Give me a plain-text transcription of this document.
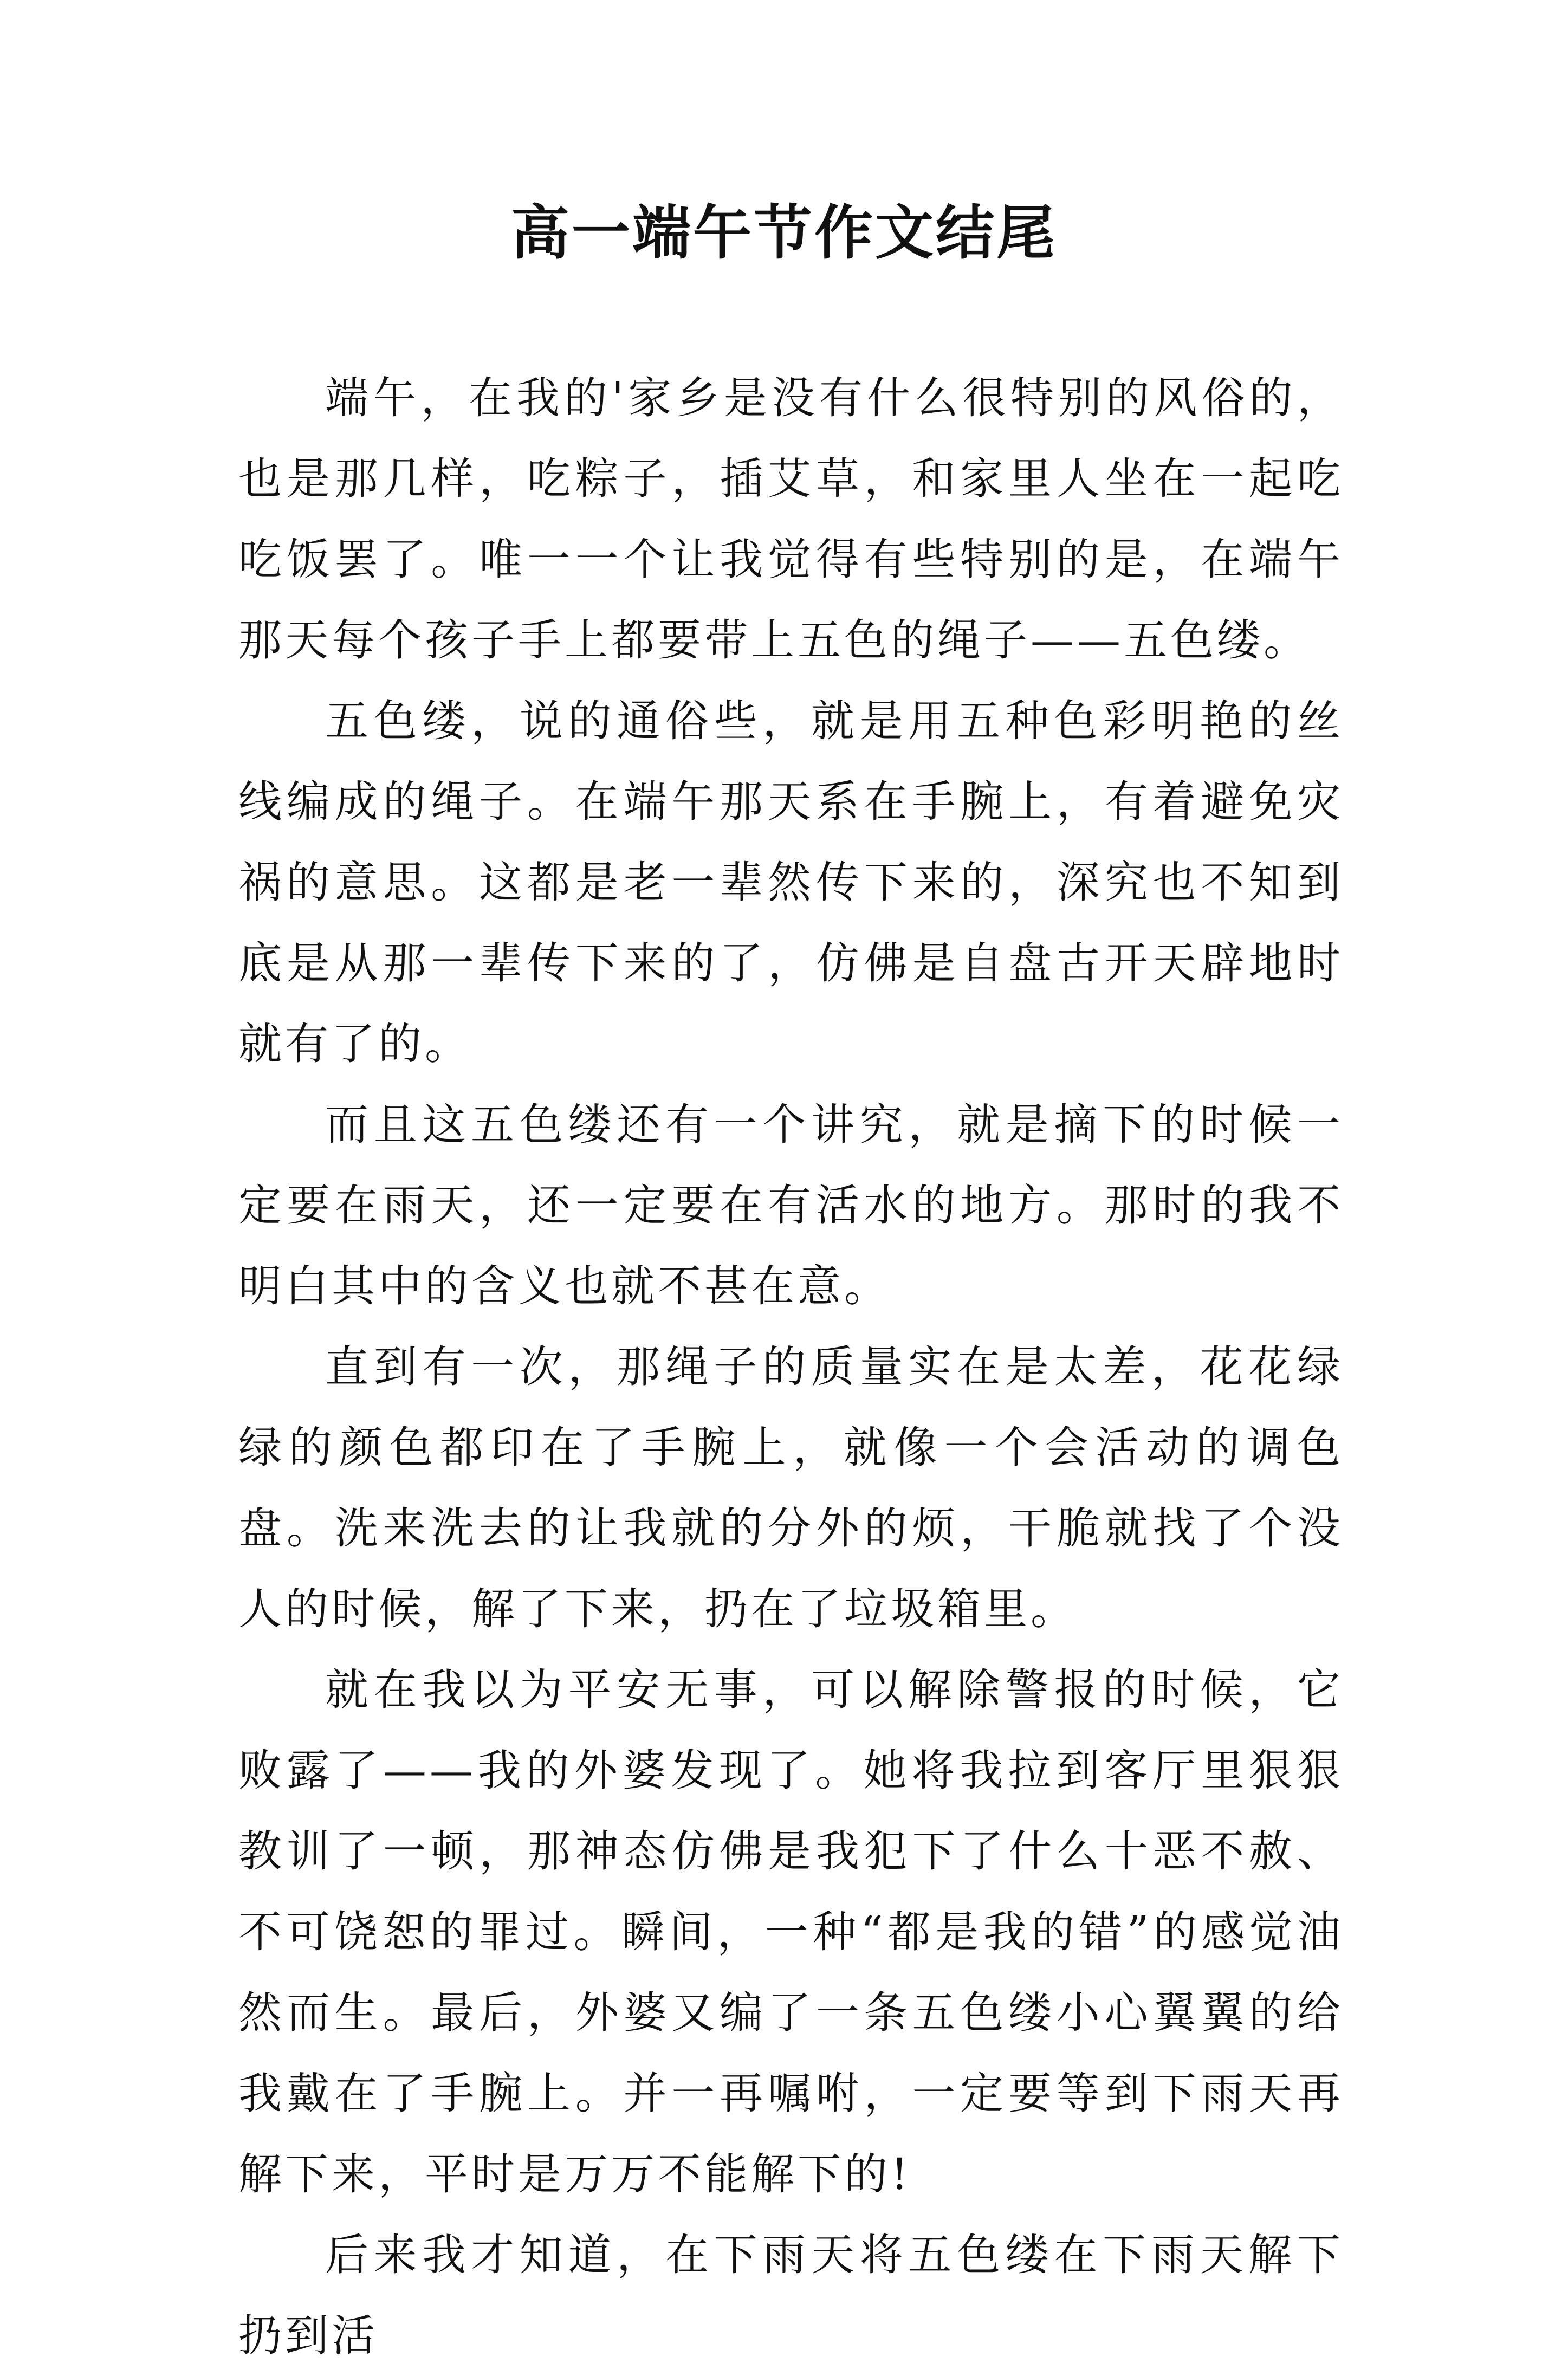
高一端午节作文结尾

端午，在我的'家乡是没有什么很特别的风俗的，也是那几样，吃粽子，插艾草，和家里人坐在一起吃吃饭罢了。唯一一个让我觉得有些特别的是，在端午那天每个孩子手上都要带上五色的绳子——五色缕。

五色缕，说的通俗些，就是用五种色彩明艳的丝线编成的绳子。在端午那天系在手腕上，有着避免灾祸的意思。这都是老一辈然传下来的，深究也不知到底是从那一辈传下来的了，仿佛是自盘古开天辟地时就有了的。

而且这五色缕还有一个讲究，就是摘下的时候一定要在雨天，还一定要在有活水的地方。那时的我不明白其中的含义也就不甚在意。

直到有一次，那绳子的质量实在是太差，花花绿绿的颜色都印在了手腕上，就像一个会活动的调色盘。洗来洗去的让我就的分外的烦，干脆就找了个没人的时候，解了下来，扔在了垃圾箱里。

就在我以为平安无事，可以解除警报的时候，它败露了——我的外婆发现了。她将我拉到客厅里狠狠教训了一顿，那神态仿佛是我犯下了什么十恶不赦、不可饶恕的罪过。瞬间，一种“都是我的错”的感觉油然而生。最后，外婆又编了一条五色缕小心翼翼的给我戴在了手腕上。并一再嘱咐，一定要等到下雨天再解下来，平时是万万不能解下的!

后来我才知道，在下雨天将五色缕在下雨天解下扔到活
